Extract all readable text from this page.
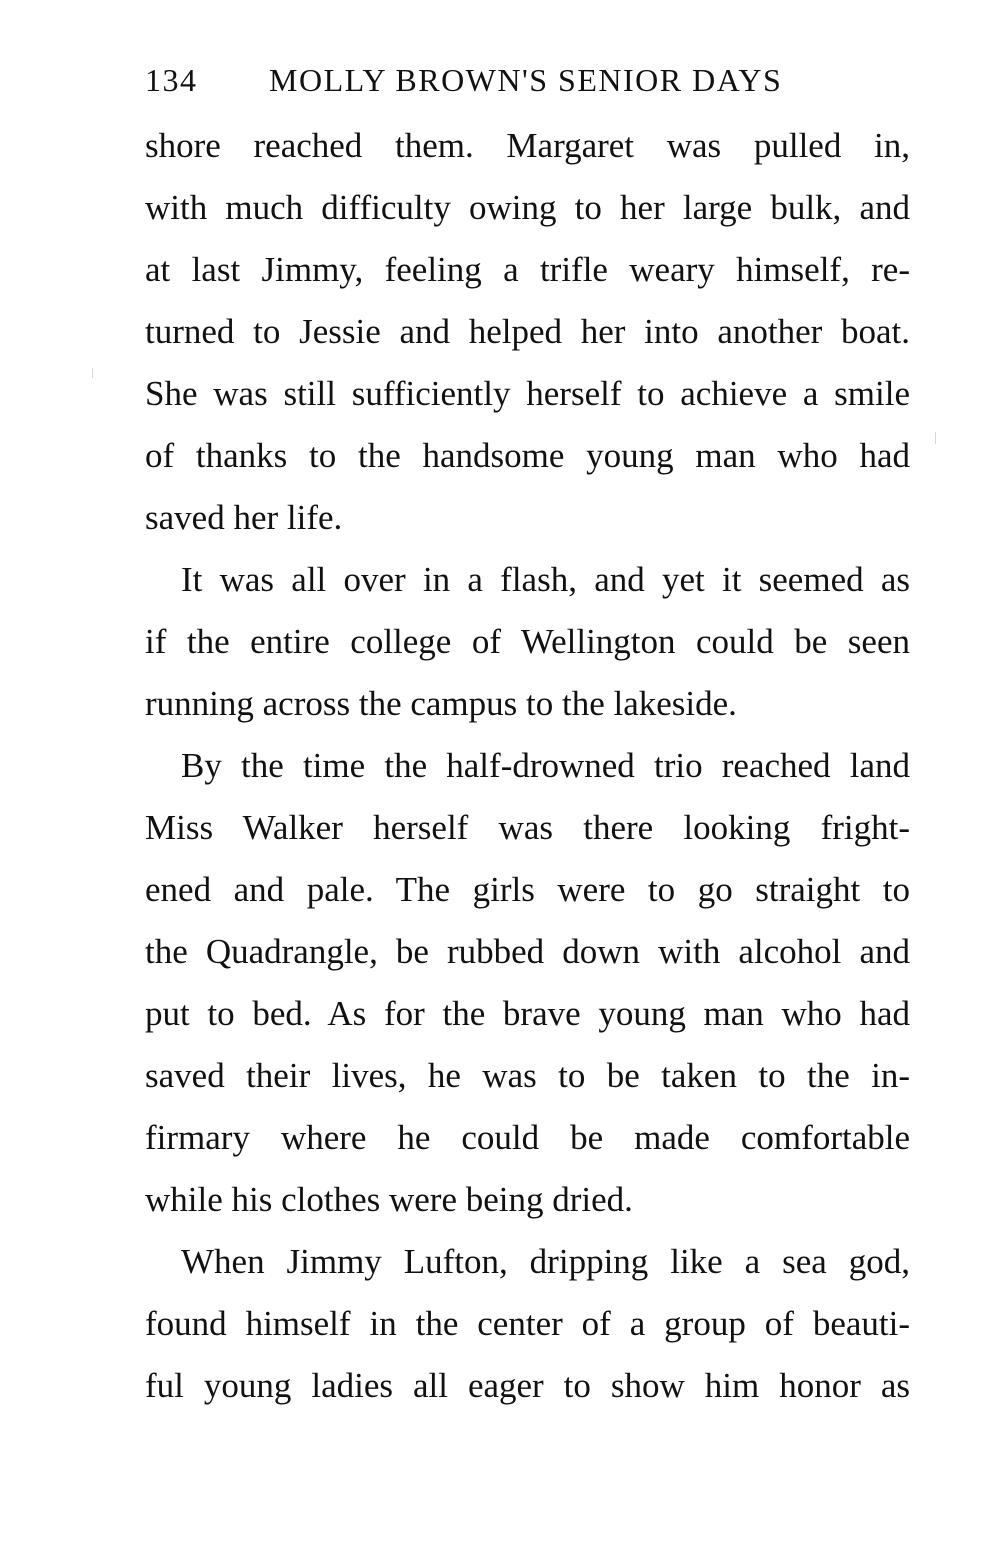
134 MOLLY BROWN'S SENIOR DAYS
shore reached them. Margaret was pulled in,
with much difficulty owing to her large bulk, and
at last Jimmy, feeling a trifle weary himself, re-
turned to Jessie and helped her into another boat.
She was still sufficiently herself to achieve a smile
of thanks to the handsome young man who had
saved her life.
It was all over in a flash, and yet it seemed as
if the entire college of Wellington could be seen
running across the campus to the lakeside.
By the time the half-drowned trio reached land
Miss Walker herself was there looking fright-
ened and pale. The girls were to go straight to
the Quadrangle, be rubbed down with alcohol and
put to bed. As for the brave young man who had
saved their lives, he was to be taken to the in-
firmary where he could be made comfortable
while his clothes were being dried.
When Jimmy Lufton, dripping like a sea god,
found himself in the center of a group of beauti-
ful young ladies all eager to show him honor as
